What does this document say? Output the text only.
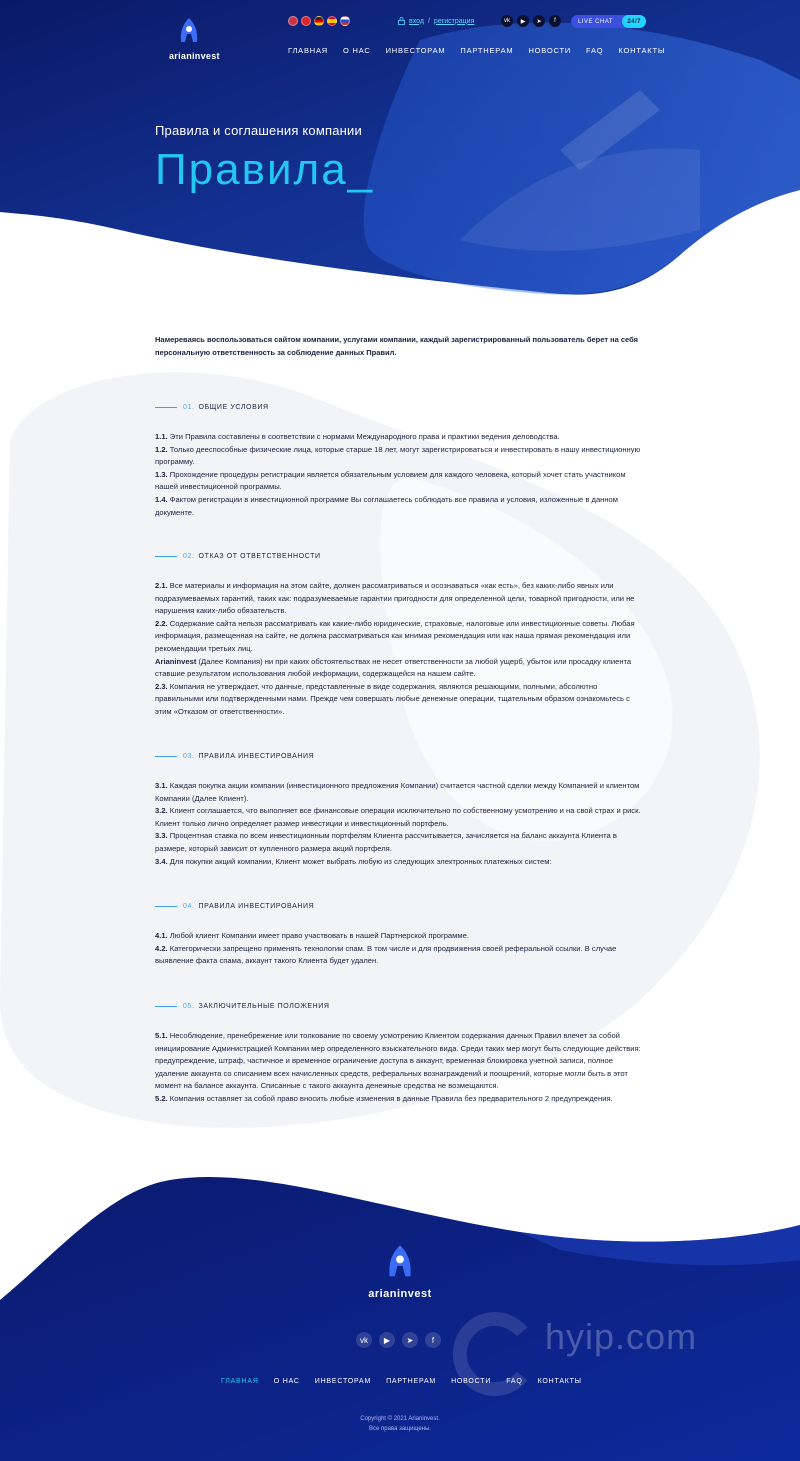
arianinvest
вход / регистрация	vk	▶	➤	f	LIVE CHAT	24/7
ГЛАВНАЯ О НАС ИНВЕСТОРАМ ПАРТНЕРАМ НОВОСТИ FAQ КОНТАКТЫ
Правила и соглашения компании
Правила_
Намереваясь воспользоваться сайтом компании, услугами компании, каждый зарегистрированный пользователь берет на себя персональную ответственность за соблюдение данных Правил.
01. ОБЩИЕ УСЛОВИЯ
1.1. Эти Правила составлены в соответствии с нормами Международного права и практики ведения деловодства.
1.2. Только дееспособные физические лица, которые старше 18 лет, могут зарегистрироваться и инвестировать в нашу инвестиционную программу.
1.3. Прохождение процедуры регистрации является обязательным условием для каждого человека, который хочет стать участником нашей инвестиционной программы.
1.4. Фактом регистрации в инвестиционной программе Вы соглашаетесь соблюдать все правила и условия, изложенные в данном документе.
02. ОТКАЗ ОТ ОТВЕТСТВЕННОСТИ
2.1. Все материалы и информация на этом сайте, должен рассматриваться и осознаваться «как есть», без каких-либо явных или подразумеваемых гарантий, таких как: подразумеваемые гарантии пригодности для определенной цели, товарной пригодности, или не нарушения каких-либо обязательств.
2.2. Содержание сайта нельзя рассматривать как какие-либо юридические, страховые, налоговые или инвестиционные советы. Любая информация, размещенная на сайте, не должна рассматриваться как мнимая рекомендация или как наша прямая рекомендация или рекомендации третьих лиц.
Arianinvest (Далее Компания) ни при каких обстоятельствах не несет ответственности за любой ущерб, убыток или просадку клиента ставшие результатом использования любой информации, содержащейся на нашем сайте.
2.3. Компания не утверждает, что данные, представленные в виде содержания, являются решающими, полными, абсолютно правильными или подтвержденными нами. Прежде чем совершать любые денежные операции, тщательным образом ознакомьтесь с этим «Отказом от ответственности».
03. ПРАВИЛА ИНВЕСТИРОВАНИЯ
3.1. Каждая покупка акции компании (инвестиционного предложения Компании) считается частной сделки между Компанией и клиентом Компании (Далее Клиент).
3.2. Клиент соглашается, что выполняет все финансовые операции исключительно по собственному усмотрению и на свой страх и риск. Клиент только лично определяет размер инвестиции и инвестиционный портфель.
3.3. Процентная ставка по всем инвестиционным портфелям Клиента рассчитывается, зачисляется на баланс аккаунта Клиента в размере, который зависит от купленного размера акций портфеля.
3.4. Для покупки акций компании, Клиент может выбрать любую из следующих электронных платежных систем:
04. ПРАВИЛА ИНВЕСТИРОВАНИЯ
4.1. Любой клиент Компании имеет право участвовать в нашей Партнерской программе.
4.2. Категорически запрещено применять технологии спам. В том числе и для продвижения своей реферальной ссылки. В случае выявление факта спама, аккаунт такого Клиента будет удален.
05. ЗАКЛЮЧИТЕЛЬНЫЕ ПОЛОЖЕНИЯ
5.1. Несоблюдение, пренебрежение или толкование по своему усмотрению Клиентом содержания данных Правил влечет за собой инициирование Администрацией Компании мер определенного взыскательного вида. Среди таких мер могут быть следующие действия: предупреждение, штраф, частичное и временное ограничение доступа в аккаунт, временная блокировка учетной записи, полное удаление аккаунта со списанием всех начисленных средств, реферальных вознаграждений и поощрений, которые могли быть в этот момент на балансе аккаунта. Списанные с такого аккаунта денежные средства не возмещаются.
5.2. Компания оставляет за собой право вносить любые изменения в данные Правила без предварительного 2 предупреждения.
hyip.com
arianinvest
vk	▶	➤	f
ГЛАВНАЯ О НАС ИНВЕСТОРАМ ПАРТНЕРАМ НОВОСТИ FAQ КОНТАКТЫ
Copyright © 2021 Arianinvest.
Все права защищены.
